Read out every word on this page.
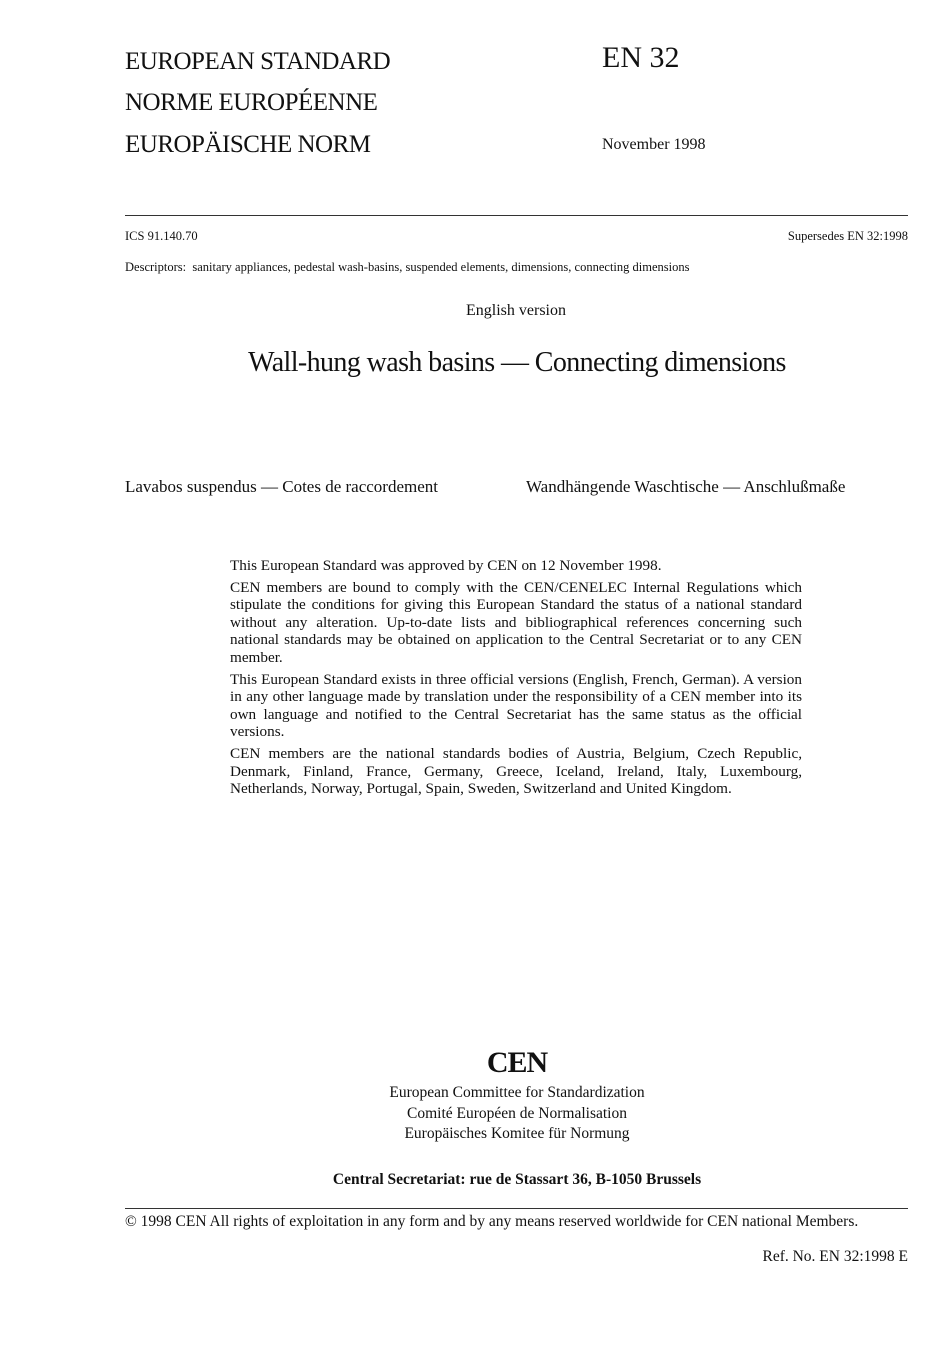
EUROPEAN STANDARD
NORME EUROPÉENNE
EUROPÄISCHE NORM
EN 32
November 1998
ICS 91.140.70	Supersedes EN 32:1998
Descriptors:  sanitary appliances, pedestal wash-basins, suspended elements, dimensions, connecting dimensions
English version
Wall-hung wash basins — Connecting dimensions
Lavabos suspendus — Cotes de raccordement	Wandhängende Waschtische — Anschlußmaße

This European Standard was approved by CEN on 12 November 1998.

CEN members are bound to comply with the CEN/CENELEC Internal Regulations which stipulate the conditions for giving this European Standard the status of a national standard without any alteration. Up-to-date lists and bibliographical references concerning such national standards may be obtained on application to the Central Secretariat or to any CEN member.

This European Standard exists in three official versions (English, French, German). A version in any other language made by translation under the responsibility of a CEN member into its own language and notified to the Central Secretariat has the same status as the official versions.

CEN members are the national standards bodies of Austria, Belgium, Czech Republic, Denmark, Finland, France, Germany, Greece, Iceland, Ireland, Italy, Luxembourg, Netherlands, Norway, Portugal, Spain, Sweden, Switzerland and United Kingdom.

CEN
European Committee for Standardization
Comité Européen de Normalisation
Europäisches Komitee für Normung
Central Secretariat: rue de Stassart 36, B-1050 Brussels
© 1998 CEN All rights of exploitation in any form and by any means reserved worldwide for CEN national Members.
Ref. No. EN 32:1998 E
